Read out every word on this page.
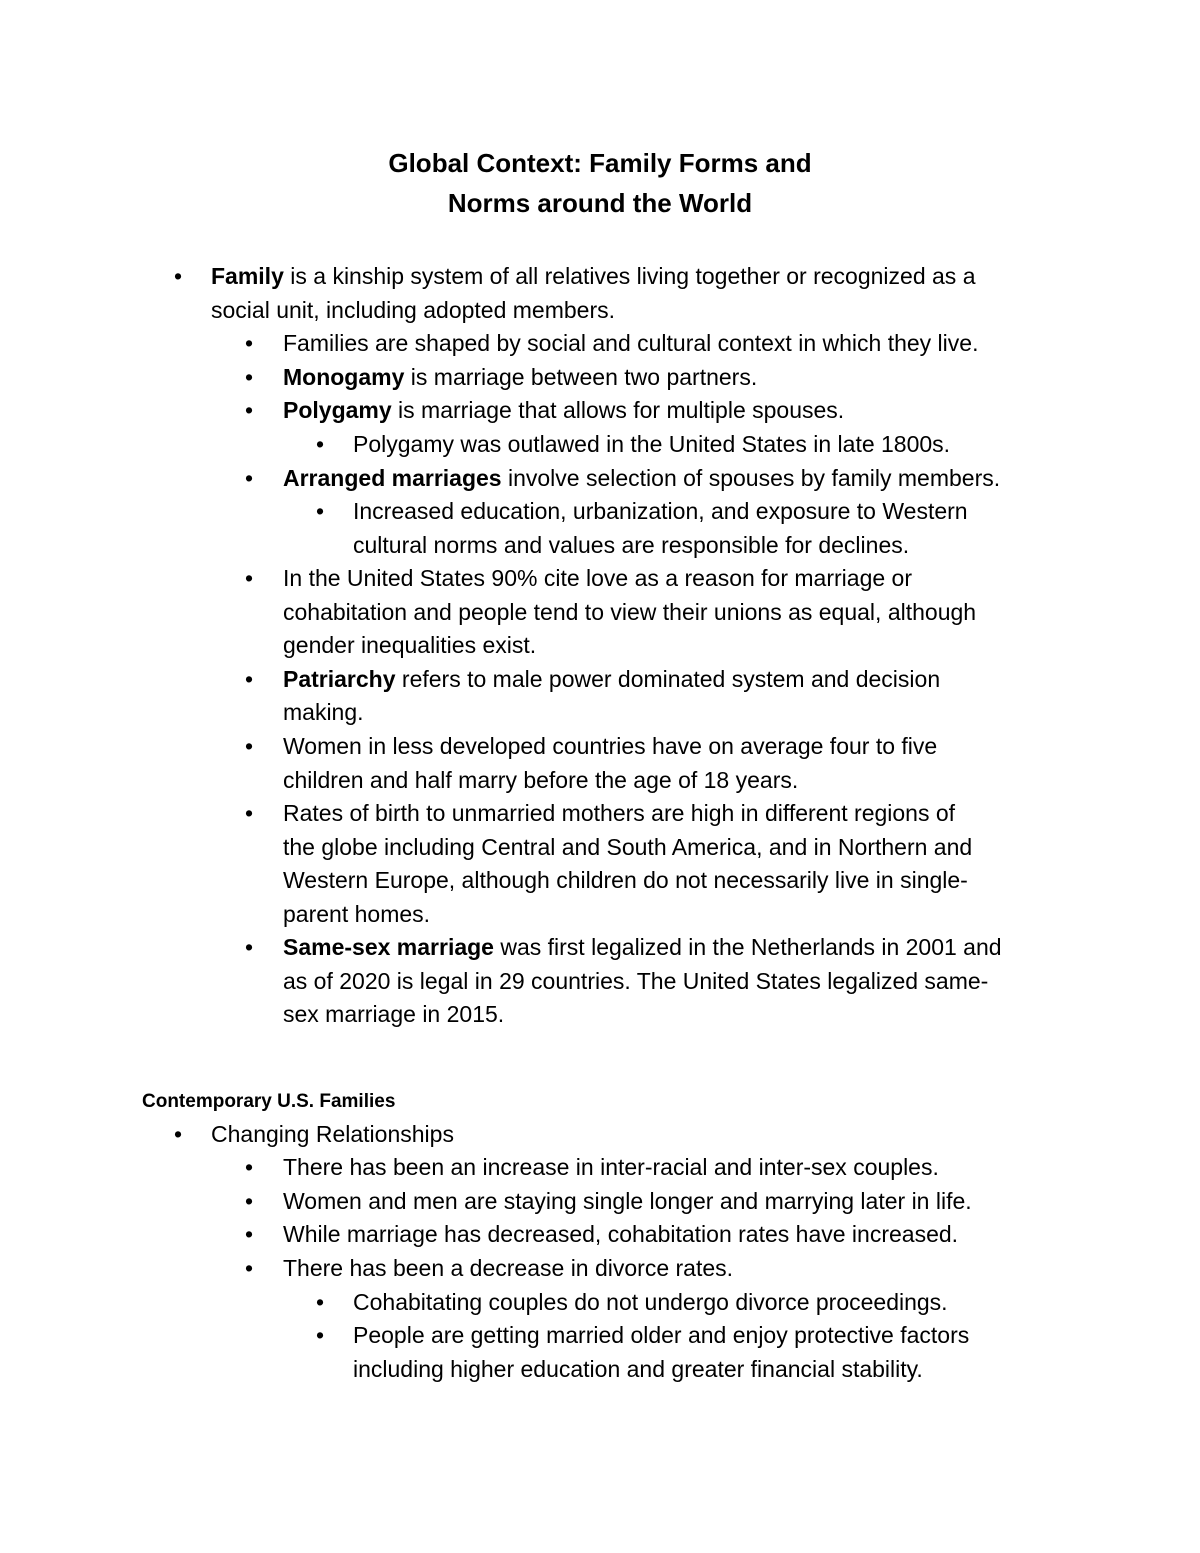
Global Context: Family Forms and
Norms around the World
• Family is a kinship system of all relatives living together or recognized as a
social unit, including adopted members.
• Families are shaped by social and cultural context in which they live.
• Monogamy is marriage between two partners.
• Polygamy is marriage that allows for multiple spouses.
• Polygamy was outlawed in the United States in late 1800s.
• Arranged marriages involve selection of spouses by family members.
• Increased education, urbanization, and exposure to Western
cultural norms and values are responsible for declines.
• In the United States 90% cite love as a reason for marriage or
cohabitation and people tend to view their unions as equal, although
gender inequalities exist.
• Patriarchy refers to male power dominated system and decision
making.
• Women in less developed countries have on average four to five
children and half marry before the age of 18 years.
• Rates of birth to unmarried mothers are high in different regions of
the globe including Central and South America, and in Northern and
Western Europe, although children do not necessarily live in single-
parent homes.
• Same-sex marriage was first legalized in the Netherlands in 2001 and
as of 2020 is legal in 29 countries. The United States legalized same-
sex marriage in 2015.
Contemporary U.S. Families
• Changing Relationships
• There has been an increase in inter-racial and inter-sex couples.
• Women and men are staying single longer and marrying later in life.
• While marriage has decreased, cohabitation rates have increased.
• There has been a decrease in divorce rates.
• Cohabitating couples do not undergo divorce proceedings.
• People are getting married older and enjoy protective factors
including higher education and greater financial stability.
